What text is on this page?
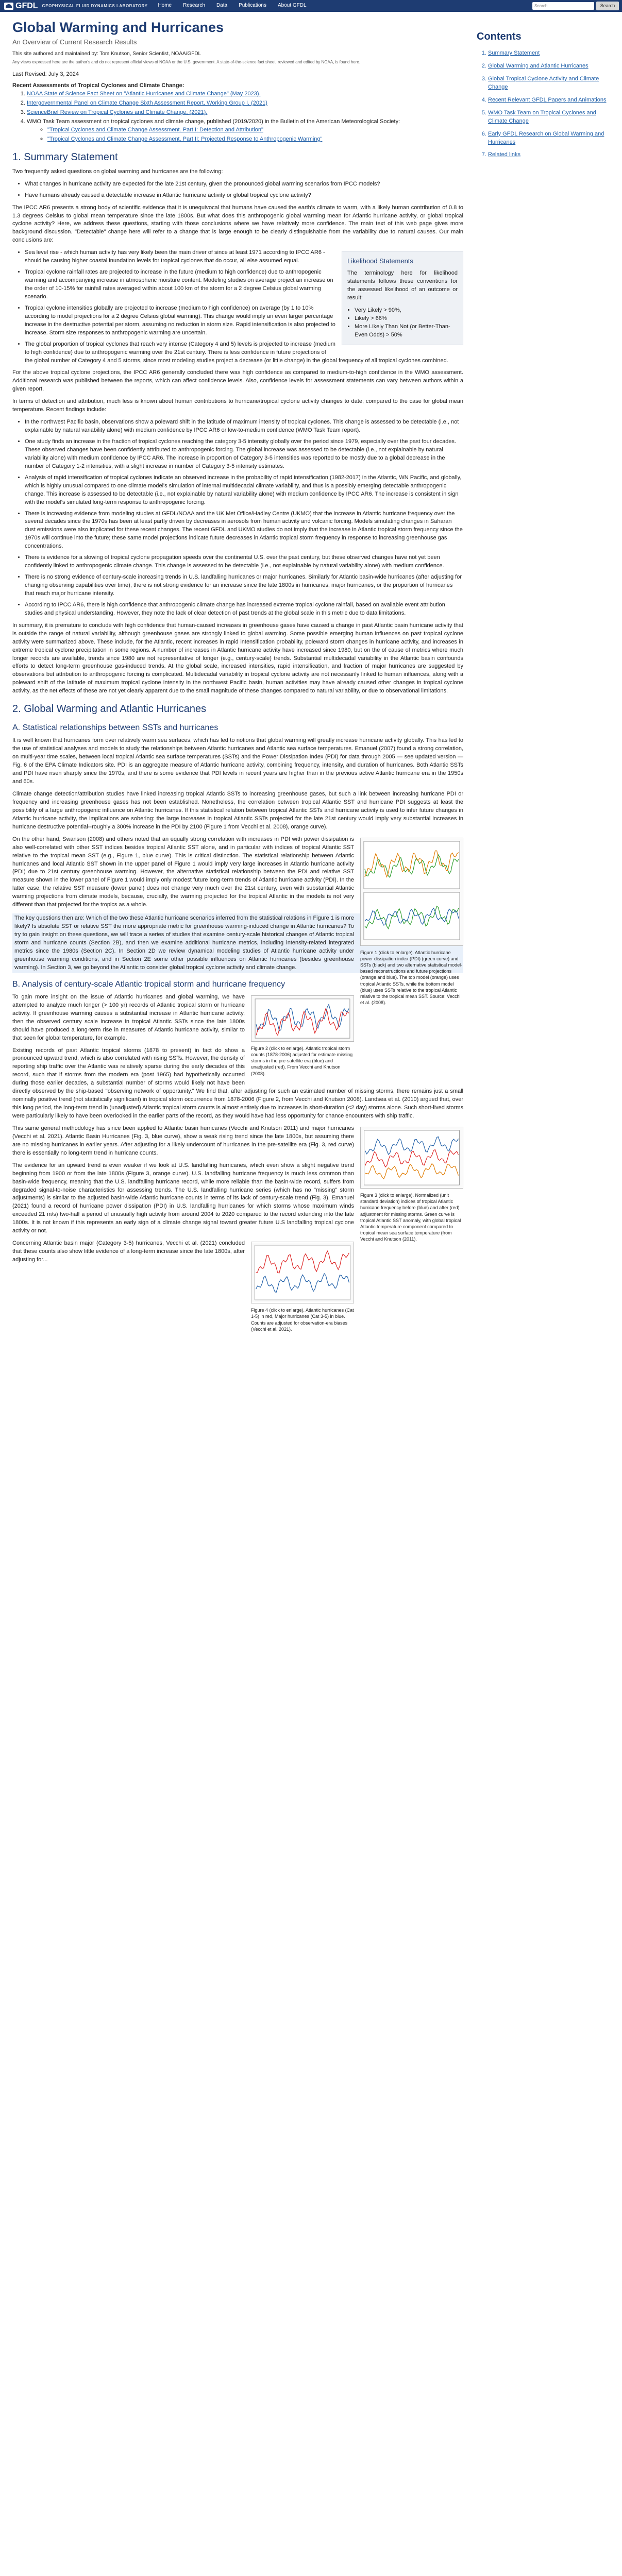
GFDL GEOPHYSICAL FLUID DYNAMICS LABORATORY Home Research Data Publications About GFDL	Search	Search
Global Warming and Hurricanes
An Overview of Current Research Results
This site authored and maintained by: Tom Knutson, Senior Scientist, NOAA/GFDL
Any views expressed here are the author's and do not represent official views of NOAA or the U.S. government. A state-of-the-science fact sheet, reviewed and edited by NOAA, is found here.
Last Revised: July 3, 2024
Recent Assessments of Tropical Cyclones and Climate Change:
1. NOAA State of Science Fact Sheet on "Atlantic Hurricanes and Climate Change" (May 2023).
2. Intergovernmental Panel on Climate Change Sixth Assessment Report, Working Group I, (2021)
3. ScienceBrief Review on Tropical Cyclones and Climate Change, (2021).
4. WMO Task Team assessment on tropical cyclones and climate change, published (2019/2020) in the Bulletin of the American Meteorological Society:
◦ "Tropical Cyclones and Climate Change Assessment. Part I: Detection and Attribution"
◦ "Tropical Cyclones and Climate Change Assessment. Part II: Projected Response to Anthropogenic Warming"
1. Summary Statement

Two frequently asked questions on global warming and hurricanes are the following:

• What changes in hurricane activity are expected for the late 21st century, given the pronounced global warming scenarios from IPCC models?
• Have humans already caused a detectable increase in Atlantic hurricane activity or global tropical cyclone activity?

The IPCC AR6 presents a strong body of scientific evidence that it is unequivocal that humans have caused the earth's climate to warm, with a likely human contribution of 0.8 to 1.3 degrees Celsius to global mean temperature since the late 1800s. But what does this anthropogenic global warming mean for Atlantic hurricane activity, or global tropical cyclone activity? Here, we address these questions, starting with those conclusions where we have relatively more confidence. The main text of this web page gives more background discussion. "Detectable" change here will refer to a change that is large enough to be clearly distinguishable from the variability due to natural causes. Our main conclusions are:

Likelihood Statements

The terminology here for likelihood statements follows these conventions for the assessed likelihood of an outcome or result:

• Very Likely > 90%,
• Likely > 66%
• More Likely Than Not (or Better-Than-Even Odds) > 50%
• Sea level rise - which human activity has very likely been the main driver of since at least 1971 according to IPCC AR6 - should be causing higher coastal inundation levels for tropical cyclones that do occur, all else assumed equal.
• Tropical cyclone rainfall rates are projected to increase in the future (medium to high confidence) due to anthropogenic warming and accompanying increase in atmospheric moisture content. Modeling studies on average project an increase on the order of 10-15% for rainfall rates averaged within about 100 km of the storm for a 2 degree Celsius global warming scenario.
• Tropical cyclone intensities globally are projected to increase (medium to high confidence) on average (by 1 to 10% according to model projections for a 2 degree Celsius global warming). This change would imply an even larger percentage increase in the destructive potential per storm, assuming no reduction in storm size. Rapid intensification is also projected to increase. Storm size responses to anthropogenic warming are uncertain.
• The global proportion of tropical cyclones that reach very intense (Category 4 and 5) levels is projected to increase (medium to high confidence) due to anthropogenic warming over the 21st century. There is less confidence in future projections of the global number of Category 4 and 5 storms, since most modeling studies project a decrease (or little change) in the global frequency of all tropical cyclones combined.

For the above tropical cyclone projections, the IPCC AR6 generally concluded there was high confidence as compared to medium-to-high confidence in the WMO assessment. Additional research was published between the reports, which can affect confidence levels. Also, confidence levels for assessment statements can vary between authors within a given report.

In terms of detection and attribution, much less is known about human contributions to hurricane/tropical cyclone activity changes to date, compared to the case for global mean temperature. Recent findings include:

• In the northwest Pacific basin, observations show a poleward shift in the latitude of maximum intensity of tropical cyclones. This change is assessed to be detectable (i.e., not explainable by natural variability alone) with medium confidence by IPCC AR6 or low-to-medium confidence (WMO Task Team report).
• One study finds an increase in the fraction of tropical cyclones reaching the category 3-5 intensity globally over the period since 1979, especially over the past four decades. These observed changes have been confidently attributed to anthropogenic forcing. The global increase was assessed to be detectable (i.e., not explainable by natural variability alone) with medium confidence by IPCC AR6. The increase in proportion of Category 3-5 intensities was reported to be mostly due to a global decrease in the number of Category 1-2 intensities, with a slight increase in number of Category 3-5 intensity estimates.
• Analysis of rapid intensification of tropical cyclones indicate an observed increase in the probability of rapid intensification (1982-2017) in the Atlantic, WN Pacific, and globally, which is highly unusual compared to one climate model's simulation of internal multidecadal climate variability, and thus is a possibly emerging detectable anthropogenic change. This increase is assessed to be detectable (i.e., not explainable by natural variability alone) with medium confidence by IPCC AR6. The increase is consistent in sign with the model's simulated long-term response to anthropogenic forcing.
• There is increasing evidence from modeling studies at GFDL/NOAA and the UK Met Office/Hadley Centre (UKMO) that the increase in Atlantic hurricane frequency over the several decades since the 1970s has been at least partly driven by decreases in aerosols from human activity and volcanic forcing. Models simulating changes in Saharan dust emissions were also implicated for these recent changes. The recent GFDL and UKMO studies do not imply that the increase in Atlantic tropical storm frequency since the 1970s will continue into the future; these same model projections indicate future decreases in Atlantic tropical storm frequency in response to increasing greenhouse gas concentrations.
• There is evidence for a slowing of tropical cyclone propagation speeds over the continental U.S. over the past century, but these observed changes have not yet been confidently linked to anthropogenic climate change. This change is assessed to be detectable (i.e., not explainable by natural variability alone) with medium confidence.
• There is no strong evidence of century-scale increasing trends in U.S. landfalling hurricanes or major hurricanes. Similarly for Atlantic basin-wide hurricanes (after adjusting for changing observing capabilities over time), there is not strong evidence for an increase since the late 1800s in hurricanes, major hurricanes, or the proportion of hurricanes that reach major hurricane intensity.
• According to IPCC AR6, there is high confidence that anthropogenic climate change has increased extreme tropical cyclone rainfall, based on available event attribution studies and physical understanding. However, they note the lack of clear detection of past trends at the global scale in this metric due to data limitations.

In summary, it is premature to conclude with high confidence that human-caused increases in greenhouse gases have caused a change in past Atlantic basin hurricane activity that is outside the range of natural variability, although greenhouse gases are strongly linked to global warming. Some possible emerging human influences on past tropical cyclone activity were summarized above. These include, for the Atlantic, recent increases in rapid intensification probability, poleward storm changes in hurricane activity, and increases in extreme tropical cyclone precipitation in some regions. A number of increases in Atlantic hurricane activity have increased since 1980, but on the of cause of metrics where much longer records are available, trends since 1980 are not representative of longer (e.g., century-scale) trends. Substantial multidecadal variability in the Atlantic basin confounds efforts to detect long-term greenhouse gas-induced trends. At the global scale, increased intensities, rapid intensification, and fraction of major hurricanes are suggested by observations but attribution to anthropogenic forcing is complicated. Multidecadal variability in tropical cyclone activity are not necessarily linked to human influences, along with a poleward shift of the latitude of maximum tropical cyclone intensity in the northwest Pacific basin, human activities may have already caused other changes in tropical cyclone activity, as the net effects of these are not yet clearly apparent due to the small magnitude of these changes compared to natural variability, or due to observational limitations.

2. Global Warming and Atlantic Hurricanes
A. Statistical relationships between SSTs and hurricanes

It is well known that hurricanes form over relatively warm sea surfaces, which has led to notions that global warming will greatly increase hurricane activity globally. This has led to the use of statistical analyses and models to study the relationships between Atlantic hurricanes and Atlantic sea surface temperatures. Emanuel (2007) found a strong correlation, on multi-year time scales, between local tropical Atlantic sea surface temperatures (SSTs) and the Power Dissipation Index (PDI) for data through 2005 — see updated version — Fig. 6 of the EPA Climate Indicators site. PDI is an aggregate measure of Atlantic hurricane activity, combining frequency, intensity, and duration of hurricanes. Both Atlantic SSTs and PDI have risen sharply since the 1970s, and there is some evidence that PDI levels in recent years are higher than in the previous active Atlantic hurricane era in the 1950s and 60s.

Climate change detection/attribution studies have linked increasing tropical Atlantic SSTs to increasing greenhouse gases, but such a link between increasing hurricane PDI or frequency and increasing greenhouse gases has not been established. Nonetheless, the correlation between tropical Atlantic SST and hurricane PDI suggests at least the possibility of a large anthropogenic influence on Atlantic hurricanes. If this statistical relation between tropical Atlantic SSTs and hurricane activity is used to infer future changes in Atlantic hurricane activity, the implications are sobering: the large increases in tropical Atlantic SSTs projected for the late 21st century would imply very substantial increases in hurricane destructive potential--roughly a 300% increase in the PDI by 2100 (Figure 1 from Vecchi et al. 2008), orange curve).

Figure 1 (click to enlarge). Atlantic hurricane power dissipation index (PDI) (green curve) and SSTs (black) and two alternative statistical model-based reconstructions and future projections (orange and blue). The top model (orange) uses tropical Atlantic SSTs, while the bottom model (blue) uses SSTs relative to the tropical Atlantic relative to the tropical mean SST. Source: Vecchi et al. (2008).

On the other hand, Swanson (2008) and others noted that an equally strong correlation with increases in PDI with power dissipation is also well-correlated with other SST indices besides tropical Atlantic SST alone, and in particular with indices of tropical Atlantic SST relative to the tropical mean SST (e.g., Figure 1, blue curve). This is critical distinction. The statistical relationship between Atlantic hurricanes and local Atlantic SST shown in the upper panel of Figure 1 would imply very large increases in Atlantic hurricane activity (PDI) due to 21st century greenhouse warming. However, the alternative statistical relationship between the PDI and relative SST measure shown in the lower panel of Figure 1 would imply only modest future long-term trends of Atlantic hurricane activity (PDI). In the latter case, the relative SST measure (lower panel) does not change very much over the 21st century, even with substantial Atlantic warming projections from climate models, because, crucially, the warming projected for the tropical Atlantic in the models is not very different than that projected for the tropics as a whole.

The key questions then are: Which of the two these Atlantic hurricane scenarios inferred from the statistical relations in Figure 1 is more likely? Is absolute SST or relative SST the more appropriate metric for greenhouse warming-induced change in Atlantic hurricanes? To try to gain insight on these questions, we will trace a series of studies that examine century-scale historical changes of Atlantic tropical storm and hurricane counts (Section 2B), and then we examine additional hurricane metrics, including intensity-related integrated metrics since the 1980s (Section 2C). In Section 2D we review dynamical modeling studies of Atlantic hurricane activity under greenhouse warming conditions, and in Section 2E some other possible influences on Atlantic hurricanes (besides greenhouse warming). In Section 3, we go beyond the Atlantic to consider global tropical cyclone activity and climate change.

B. Analysis of century-scale Atlantic tropical storm and hurricane frequency
Figure 2 (click to enlarge). Atlantic tropical storm counts (1878-2006) adjusted for estimate missing storms in the pre-satellite era (blue) and unadjusted (red). From Vecchi and Knutson (2008).

To gain more insight on the issue of Atlantic hurricanes and global warming, we have attempted to analyze much longer (> 100 yr) records of Atlantic tropical storm or hurricane activity. If greenhouse warming causes a substantial increase in Atlantic hurricane activity, then the observed century scale increase in tropical Atlantic SSTs since the late 1800s should have produced a long-term rise in measures of Atlantic hurricane activity, similar to that seen for global temperature, for example.

Existing records of past Atlantic tropical storms (1878 to present) in fact do show a pronounced upward trend, which is also correlated with rising SSTs. However, the density of reporting ship traffic over the Atlantic was relatively sparse during the early decades of this record, such that if storms from the modern era (post 1965) had hypothetically occurred during those earlier decades, a substantial number of storms would likely not have been directly observed by the ship-based "observing network of opportunity." We find that, after adjusting for such an estimated number of missing storms, there remains just a small nominally positive trend (not statistically significant) in tropical storm occurrence from 1878-2006 (Figure 2, from Vecchi and Knutson 2008). Landsea et al. (2010) argued that, over this long period, the long-term trend in (unadjusted) Atlantic tropical storm counts is almost entirely due to increases in short-duration (<2 day) storms alone. Such short-lived storms were particularly likely to have been overlooked in the earlier parts of the record, as they would have had less opportunity for chance encounters with ship traffic.

Figure 3 (click to enlarge). Normalized (unit standard deviation) indices of tropical Atlantic hurricane frequency before (blue) and after (red) adjustment for missing storms. Green curve is tropical Atlantic SST anomaly, with global tropical Atlantic temperature component compared to tropical mean sea surface temperature (from Vecchi and Knutson (2011).

This same general methodology has since been applied to Atlantic basin hurricanes (Vecchi and Knutson 2011) and major hurricanes (Vecchi et al. 2021). Atlantic Basin Hurricanes (Fig. 3, blue curve), show a weak rising trend since the late 1800s, but assuming there are no missing hurricanes in earlier years. After adjusting for a likely undercount of hurricanes in the pre-satellite era (Fig. 3, red curve) there is essentially no long-term trend in hurricane counts.

The evidence for an upward trend is even weaker if we look at U.S. landfalling hurricanes, which even show a slight negative trend beginning from 1900 or from the late 1800s (Figure 3, orange curve). U.S. landfalling hurricane frequency is much less common than basin-wide frequency, meaning that the U.S. landfalling hurricane record, while more reliable than the basin-wide record, suffers from degraded signal-to-noise characteristics for assessing trends. The U.S. landfalling hurricane series (which has no "missing" storm adjustments) is similar to the adjusted basin-wide Atlantic hurricane counts in terms of its lack of century-scale trend (Fig. 3). Emanuel (2021) found a record of hurricane power dissipation (PDI) in U.S. landfalling hurricanes for which storms whose maximum winds exceeded 21 m/s) two-half a period of unusually high activity from around 2004 to 2020 compared to the record extending into the late 1800s. It is not known if this represents an early sign of a climate change signal toward greater future U.S landfalling tropical cyclone activity or not.

Figure 4 (click to enlarge). Atlantic hurricanes (Cat 1-5) in red, Major hurricanes (Cat 3-5) in blue. Counts are adjusted for observation-era biases (Vecchi et al. 2021).

Concerning Atlantic basin major (Category 3-5) hurricanes, Vecchi et al. (2021) concluded that these counts also show little evidence of a long-term increase since the late 1800s, after adjusting for...

Contents
1. Summary Statement
2. Global Warming and Atlantic Hurricanes
3. Global Tropical Cyclone Activity and Climate Change
4. Recent Relevant GFDL Papers and Animations
5. WMO Task Team on Tropical Cyclones and Climate Change
6. Early GFDL Research on Global Warming and Hurricanes
7. Related links
